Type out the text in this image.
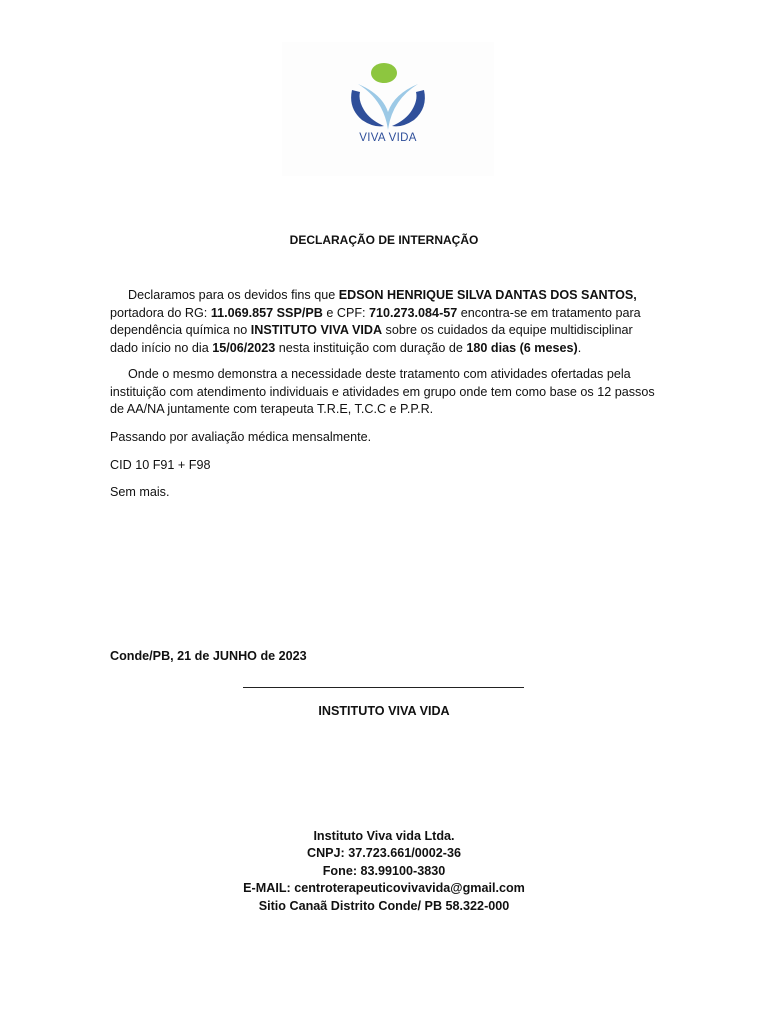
VIVA VIDA
DECLARAÇÃO DE INTERNAÇÃO
Declaramos para os devidos fins que EDSON HENRIQUE SILVA DANTAS DOS SANTOS, portadora do RG: 11.069.857 SSP/PB e CPF: 710.273.084-57 encontra-se em tratamento para dependência química no INSTITUTO VIVA VIDA sobre os cuidados da equipe multidisciplinar dado início no dia 15/06/2023 nesta instituição com duração de 180 dias (6 meses).
Onde o mesmo demonstra a necessidade deste tratamento com atividades ofertadas pela instituição com atendimento individuais e atividades em grupo onde tem como base os 12 passos de AA/NA juntamente com terapeuta T.R.E, T.C.C e P.P.R.
Passando por avaliação médica mensalmente.
CID 10 F91 + F98
Sem mais.
Conde/PB, 21 de JUNHO de 2023
INSTITUTO VIVA VIDA
Instituto Viva vida Ltda.
CNPJ: 37.723.661/0002-36
Fone: 83.99100-3830
E-MAIL: centroterapeuticovivavida@gmail.com
Sitio Canaã Distrito Conde/ PB 58.322-000
